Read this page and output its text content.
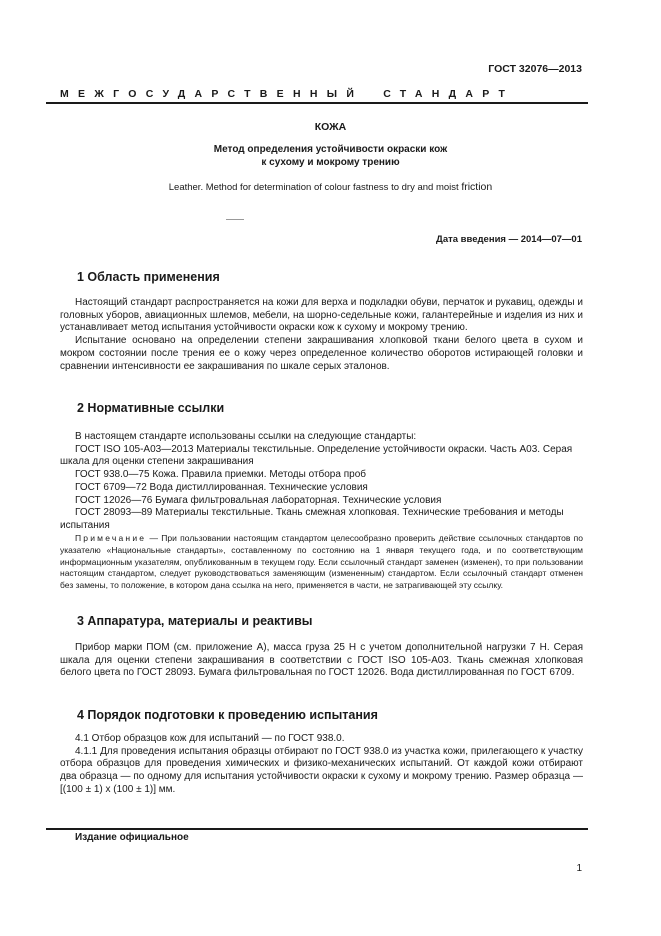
ГОСТ 32076—2013
МЕЖГОСУДАРСТВЕННЫЙ СТАНДАРТ
КОЖА
Метод определения устойчивости окраски кож
к сухому и мокрому трению
Leather. Method for determination of colour fastness to dry and moist friction
Дата введения — 2014—07—01
1 Область применения

Настоящий стандарт распространяется на кожи для верха и подкладки обуви, перчаток и рукавиц, одежды и головных уборов, авиационных шлемов, мебели, на шорно-седельные кожи, галантерейные и изделия из них и устанавливает метод испытания устойчивости окраски кож к сухому и мокрому трению.

Испытание основано на определении степени закрашивания хлопковой ткани белого цвета в сухом и мокром состоянии после трения ее о кожу через определенное количество оборотов истирающей головки и сравнении интенсивности ее закрашивания по шкале серых эталонов.

2 Нормативные ссылки

В настоящем стандарте использованы ссылки на следующие стандарты:

ГОСТ ISO 105-A03—2013 Материалы текстильные. Определение устойчивости окраски. Часть A03. Серая шкала для оценки степени закрашивания

ГОСТ 938.0—75 Кожа. Правила приемки. Методы отбора проб

ГОСТ 6709—72 Вода дистиллированная. Технические условия

ГОСТ 12026—76 Бумага фильтровальная лабораторная. Технические условия

ГОСТ 28093—89 Материалы текстильные. Ткань смежная хлопковая. Технические требования и методы испытания

Примечание — При пользовании настоящим стандартом целесообразно проверить действие ссылочных стандартов по указателю «Национальные стандарты», составленному по состоянию на 1 января текущего года, и по соответствующим информационным указателям, опубликованным в текущем году. Если ссылочный стандарт заменен (изменен), то при пользовании настоящим стандартом, следует руководствоваться заменяющим (измененным) стандартом. Если ссылочный стандарт отменен без замены, то положение, в котором дана ссылка на него, применяется в части, не затрагивающей эту ссылку.

3 Аппаратура, материалы и реактивы

Прибор марки ПОМ (см. приложение А), масса груза 25 Н с учетом дополнительной нагрузки 7 Н. Серая шкала для оценки степени закрашивания в соответствии с ГОСТ ISO 105-A03. Ткань смежная хлопковая белого цвета по ГОСТ 28093. Бумага фильтровальная по ГОСТ 12026. Вода дистиллированная по ГОСТ 6709.

4 Порядок подготовки к проведению испытания

4.1 Отбор образцов кож для испытаний — по ГОСТ 938.0.

4.1.1 Для проведения испытания образцы отбирают по ГОСТ 938.0 из участка кожи, прилегающего к участку отбора образцов для проведения химических и физико-механических испытаний. От каждой кожи отбирают два образца — по одному для испытания устойчивости окраски к сухому и мокрому трению. Размер образца — [(100 ± 1) х (100 ± 1)] мм.

Издание официальное
1
